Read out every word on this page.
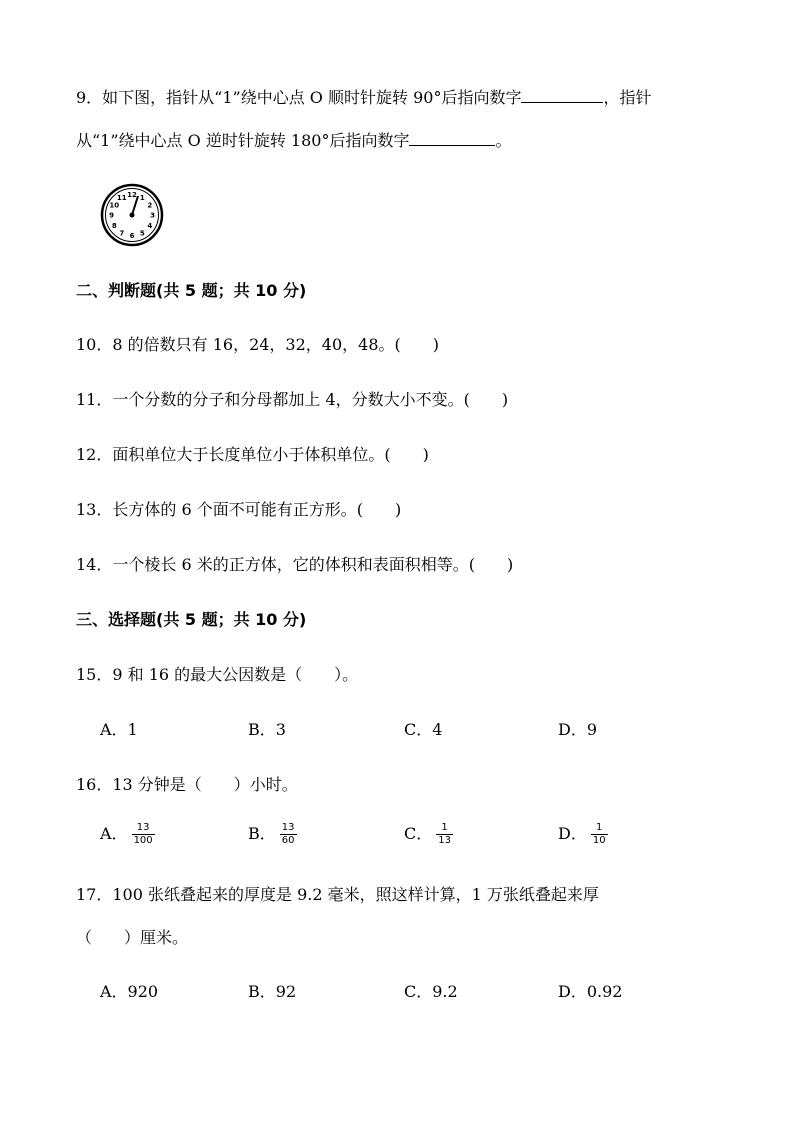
9．如下图，指针从“1”绕中心点 O 顺时针旋转 90°后指向数字	，指针
从“1”绕中心点 O 逆时针旋转 180°后指向数字	。
12 1
2
3
4
5
6
7
8
9
10
11
二、判断题(共 5 题；共 10 分)
10．8 的倍数只有 16，24，32，40，48。(　　)
11．一个分数的分子和分母都加上 4，分数大小不变。(　　)
12．面积单位大于长度单位小于体积单位。(　　)
13．长方体的 6 个面不可能有正方形。(　　)
14．一个棱长 6 米的正方体，它的体积和表面积相等。(　　)
三、选择题(共 5 题；共 10 分)
15．9 和 16 的最大公因数是（　　）。
A．1	B．3	C．4	D．9
16．13 分钟是（　　）小时。
A． $\frac{13}{100}$	B． $\frac{13}{60}$	C． $\frac{1}{13}$	D． $\frac{1}{10}$
17．100 张纸叠起来的厚度是 9.2 毫米，照这样计算，1 万张纸叠起来厚
（　　）厘米。
A．920	B．92	C．9.2	D．0.92
